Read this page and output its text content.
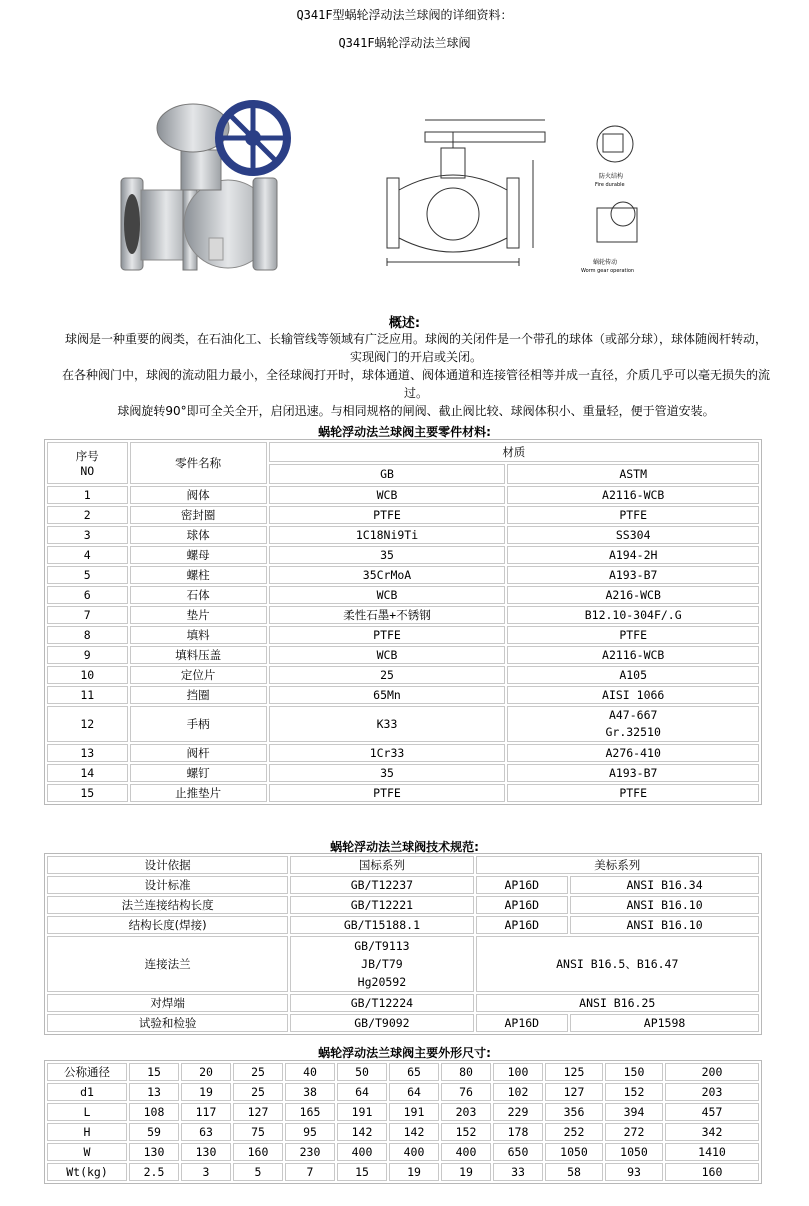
Q341F型蜗轮浮动法兰球阀的详细资料：
Q341F蜗轮浮动法兰球阀
防火结构
Fire durable
蜗轮传动
Worm gear operation
概述:
球阀是一种重要的阀类，在石油化工、长输管线等领域有广泛应用。球阀的关闭件是一个带孔的球体（或部分球），球体随阀杆转动，实现阀门的开启或关闭。
在各种阀门中，球阀的流动阻力最小，全径球阀打开时，球体通道、阀体通道和连接管径相等并成一直径，介质几乎可以毫无损失的流过。
球阀旋转90°即可全关全开，启闭迅速。与相同规格的闸阀、截止阀比较、球阀体积小、重量轻，便于管道安装。
蜗轮浮动法兰球阀主要零件材料:
序号
NO	零件名称	材质	
		GB	ASTM
1	阀体	WCB	A2116-WCB
2	密封圈	PTFE	PTFE
3	球体	1C18Ni9Ti	SS304
4	螺母	35	A194-2H
5	螺柱	35CrMoA	A193-B7
6	石体	WCB	A216-WCB
7	垫片	柔性石墨+不锈钢	B12.10-304F/.G
8	填料	PTFE	PTFE
9	填料压盖	WCB	A2116-WCB
10	定位片	25	A105
11	挡圈	65Mn	AISI 1066
12	手柄	K33	A47-667
Gr.32510
13	阀杆	1Cr33	A276-410
14	螺钉	35	A193-B7
15	止推垫片	PTFE	PTFE
蜗轮浮动法兰球阀技术规范:
设计依据	国标系列	美标系列	
设计标准	GB/T12237	AP16D	ANSI B16.34
法兰连接结构长度	GB/T12221	AP16D	ANSI B16.10
结构长度(焊接)	GB/T15188.1	AP16D	ANSI B16.10
连接法兰	GB/T9113
JB/T79
Hg20592	ANSI B16.5、B16.47	
对焊端	GB/T12224	ANSI B16.25	
试验和检验	GB/T9092	AP16D	AP1598
蜗轮浮动法兰球阀主要外形尺寸:
公称通径	15	20	25	40	50	65	80	100	125	150	200
d1	13	19	25	38	64	64	76	102	127	152	203
L	108	117	127	165	191	191	203	229	356	394	457
H	59	63	75	95	142	142	152	178	252	272	342
W	130	130	160	230	400	400	400	650	1050	1050	1410
Wt(kg)	2.5	3	5	7	15	19	19	33	58	93	160
